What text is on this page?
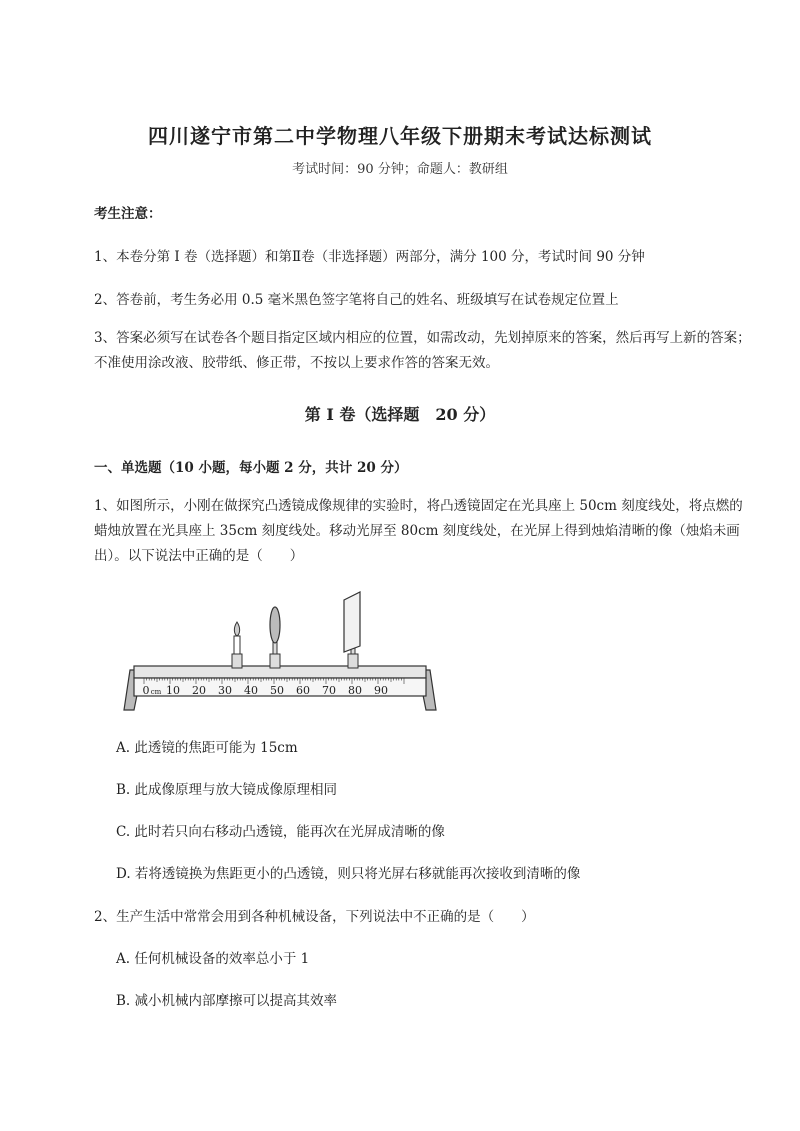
四川遂宁市第二中学物理八年级下册期末考试达标测试
考试时间：90 分钟；命题人：教研组
考生注意：
1、本卷分第 I 卷（选择题）和第Ⅱ卷（非选择题）两部分，满分 100 分，考试时间 90 分钟
2、答卷前，考生务必用 0.5 毫米黑色签字笔将自己的姓名、班级填写在试卷规定位置上
3、答案必须写在试卷各个题目指定区域内相应的位置，如需改动，先划掉原来的答案，然后再写上新的答案；不准使用涂改液、胶带纸、修正带，不按以上要求作答的答案无效。
第 I 卷（选择题　20 分）
一、单选题（10 小题，每小题 2 分，共计 20 分）
1、如图所示，小刚在做探究凸透镜成像规律的实验时，将凸透镜固定在光具座上 50cm 刻度线处，将点燃的蜡烛放置在光具座上 35cm 刻度线处。移动光屏至 80cm 刻度线处，在光屏上得到烛焰清晰的像（烛焰未画出）。以下说法中正确的是（　　）
0 cm 10 20 30 40 50 60 70 80 90
A. 此透镜的焦距可能为 15cm
B. 此成像原理与放大镜成像原理相同
C. 此时若只向右移动凸透镜，能再次在光屏成清晰的像
D. 若将透镜换为焦距更小的凸透镜，则只将光屏右移就能再次接收到清晰的像
2、生产生活中常常会用到各种机械设备，下列说法中不正确的是（　　）
A. 任何机械设备的效率总小于 1
B. 减小机械内部摩擦可以提高其效率
